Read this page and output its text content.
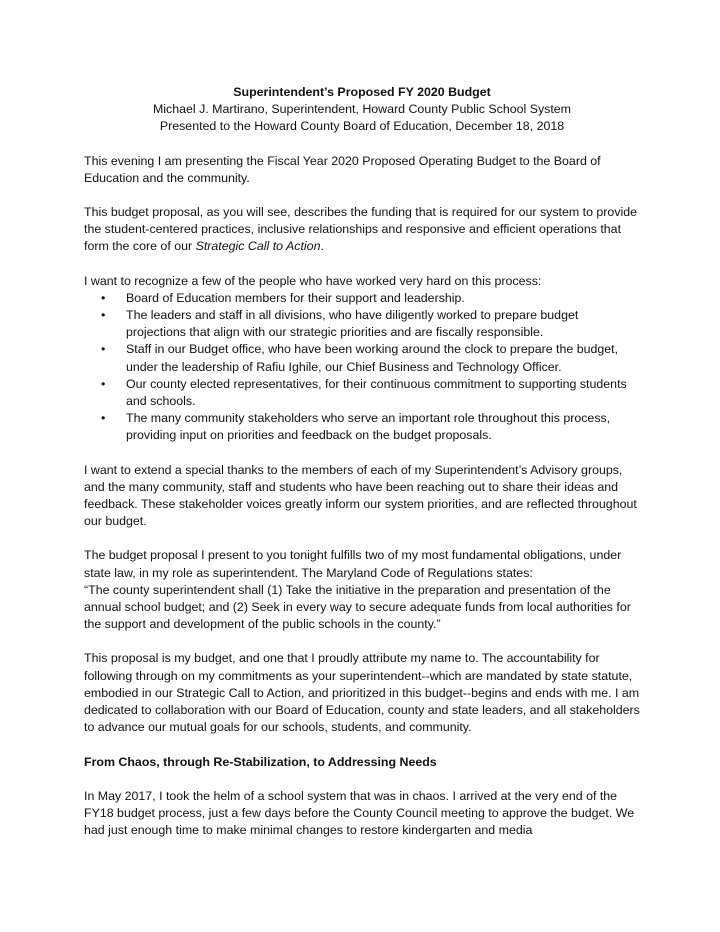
Superintendent’s Proposed FY 2020 Budget

Michael J. Martirano, Superintendent, Howard County Public School System

Presented to the Howard County Board of Education, December 18, 2018

This evening I am presenting the Fiscal Year 2020 Proposed Operating Budget to the Board of Education and the community.

This budget proposal, as you will see, describes the funding that is required for our system to provide the student-centered practices, inclusive relationships and responsive and efficient operations that form the core of our Strategic Call to Action.

I want to recognize a few of the people who have worked very hard on this process:

• Board of Education members for their support and leadership.
• The leaders and staff in all divisions, who have diligently worked to prepare budget projections that align with our strategic priorities and are fiscally responsible.
• Staff in our Budget office, who have been working around the clock to prepare the budget, under the leadership of Rafiu Ighile, our Chief Business and Technology Officer.
• Our county elected representatives, for their continuous commitment to supporting students and schools.
• The many community stakeholders who serve an important role throughout this process, providing input on priorities and feedback on the budget proposals.

I want to extend a special thanks to the members of each of my Superintendent’s Advisory groups, and the many community, staff and students who have been reaching out to share their ideas and feedback. These stakeholder voices greatly inform our system priorities, and are reflected throughout our budget.

The budget proposal I present to you tonight fulfills two of my most fundamental obligations, under state law, in my role as superintendent. The Maryland Code of Regulations states:

“The county superintendent shall (1) Take the initiative in the preparation and presentation of the annual school budget; and (2) Seek in every way to secure adequate funds from local authorities for the support and development of the public schools in the county.”

This proposal is my budget, and one that I proudly attribute my name to. The accountability for following through on my commitments as your superintendent--which are mandated by state statute, embodied in our Strategic Call to Action, and prioritized in this budget--begins and ends with me. I am dedicated to collaboration with our Board of Education, county and state leaders, and all stakeholders to advance our mutual goals for our schools, students, and community.

From Chaos, through Re-Stabilization, to Addressing Needs

In May 2017, I took the helm of a school system that was in chaos. I arrived at the very end of the FY18 budget process, just a few days before the County Council meeting to approve the budget. We had just enough time to make minimal changes to restore kindergarten and media
